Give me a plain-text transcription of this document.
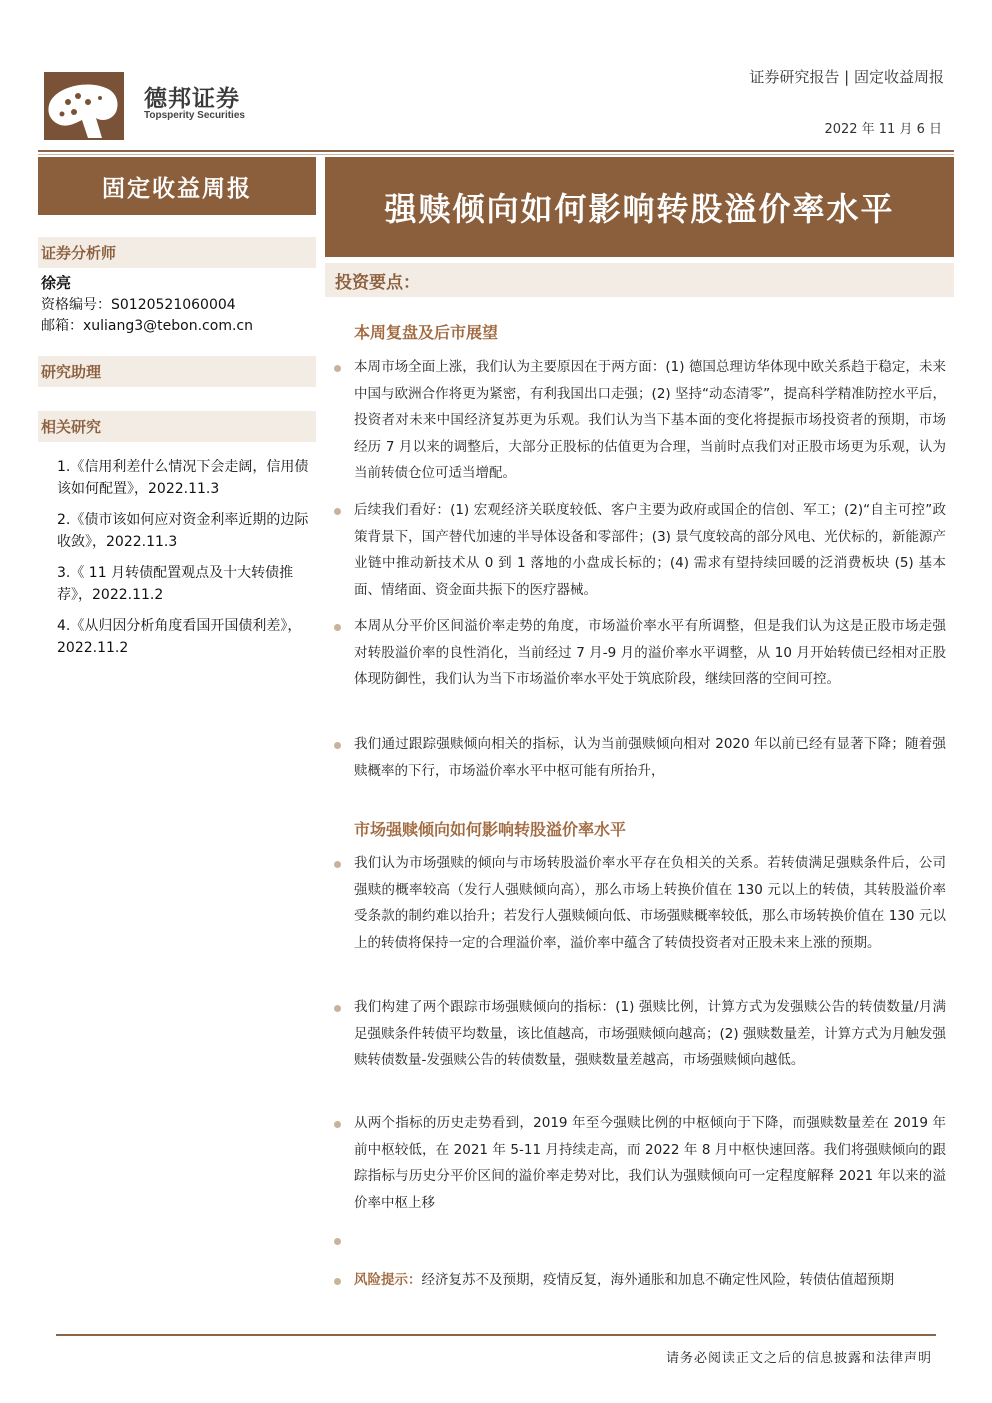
德邦证券
Topsperity Securities
证券研究报告 | 固定收益周报
2022 年 11 月 6 日
固定收益周报
证券分析师
徐亮
资格编号：S0120521060004
邮箱：xuliang3@tebon.com.cn
研究助理
相关研究
1.《信用利差什么情况下会走阔，信用债该如何配置》，2022.11.3
2.《债市该如何应对资金利率近期的边际收敛》，2022.11.3
3.《 11 月转债配置观点及十大转债推荐》，2022.11.2
4.《从归因分析角度看国开国债利差》，2022.11.2
强赎倾向如何影响转股溢价率水平
投资要点：
本周复盘及后市展望

本周市场全面上涨，我们认为主要原因在于两方面：(1) 德国总理访华体现中欧关系趋于稳定，未来中国与欧洲合作将更为紧密，有利我国出口走强；(2) 坚持“动态清零”，提高科学精准防控水平后，投资者对未来中国经济复苏更为乐观。我们认为当下基本面的变化将提振市场投资者的预期，市场经历 7 月以来的调整后，大部分正股标的估值更为合理，当前时点我们对正股市场更为乐观，认为当前转债仓位可适当增配。

后续我们看好：(1) 宏观经济关联度较低、客户主要为政府或国企的信创、军工；(2)“自主可控”政策背景下，国产替代加速的半导体设备和零部件；(3) 景气度较高的部分风电、光伏标的，新能源产业链中推动新技术从 0 到 1 落地的小盘成长标的；(4) 需求有望持续回暖的泛消费板块 (5) 基本面、情绪面、资金面共振下的医疗器械。

本周从分平价区间溢价率走势的角度，市场溢价率水平有所调整，但是我们认为这是正股市场走强对转股溢价率的良性消化，当前经过 7 月-9 月的溢价率水平调整，从 10 月开始转债已经相对正股体现防御性，我们认为当下市场溢价率水平处于筑底阶段，继续回落的空间可控。

我们通过跟踪强赎倾向相关的指标，认为当前强赎倾向相对 2020 年以前已经有显著下降；随着强赎概率的下行，市场溢价率水平中枢可能有所抬升，

市场强赎倾向如何影响转股溢价率水平

我们认为市场强赎的倾向与市场转股溢价率水平存在负相关的关系。若转债满足强赎条件后，公司强赎的概率较高（发行人强赎倾向高），那么市场上转换价值在 130 元以上的转债，其转股溢价率受条款的制约难以抬升；若发行人强赎倾向低、市场强赎概率较低，那么市场转换价值在 130 元以上的转债将保持一定的合理溢价率，溢价率中蕴含了转债投资者对正股未来上涨的预期。

我们构建了两个跟踪市场强赎倾向的指标：(1) 强赎比例，计算方式为发强赎公告的转债数量/月满足强赎条件转债平均数量，该比值越高，市场强赎倾向越高；(2) 强赎数量差，计算方式为月触发强赎转债数量-发强赎公告的转债数量，强赎数量差越高，市场强赎倾向越低。

从两个指标的历史走势看到，2019 年至今强赎比例的中枢倾向于下降，而强赎数量差在 2019 年前中枢较低，在 2021 年 5-11 月持续走高，而 2022 年 8 月中枢快速回落。我们将强赎倾向的跟踪指标与历史分平价区间的溢价率走势对比，我们认为强赎倾向可一定程度解释 2021 年以来的溢价率中枢上移

风险提示：经济复苏不及预期，疫情反复，海外通胀和加息不确定性风险，转债估值超预期

请务必阅读正文之后的信息披露和法律声明
